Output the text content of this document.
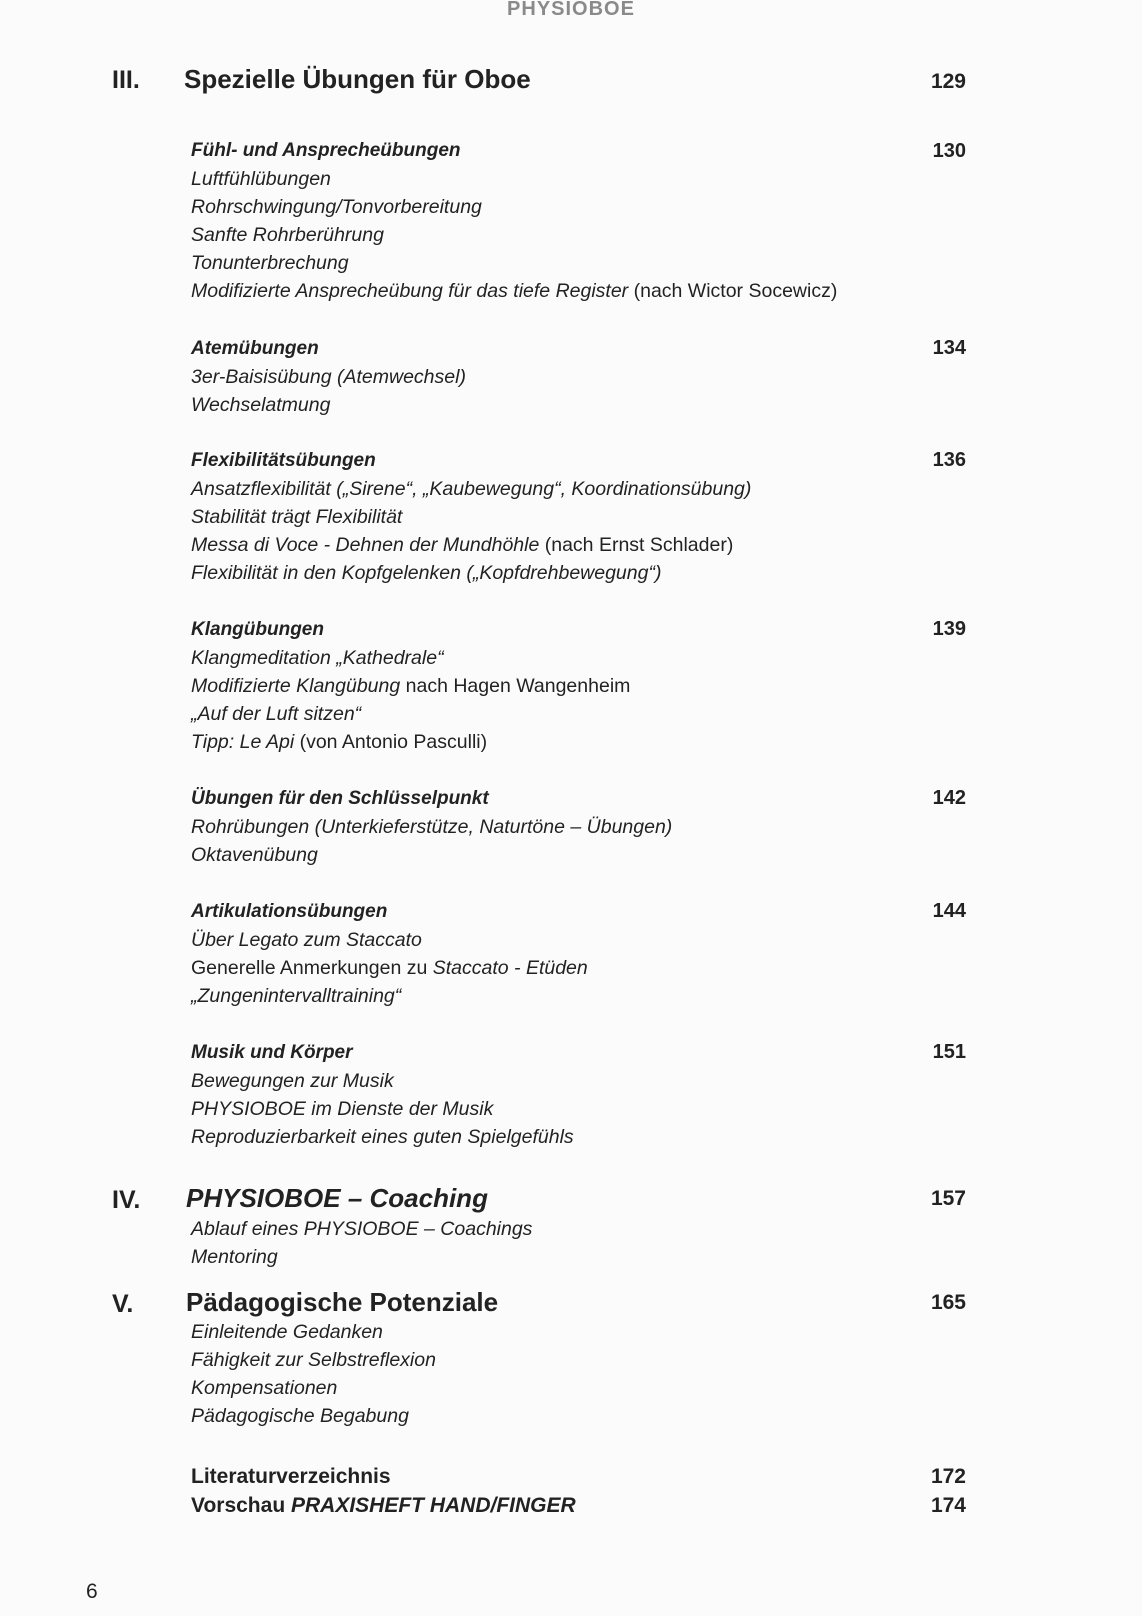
PHYSIOBOE
III. Spezielle Übungen für Oboe	129
Fühl- und Ansprecheübungen	130
Luftfühlübungen
Rohrschwingung/Tonvorbereitung
Sanfte Rohrberührung
Tonunterbrechung
Modifizierte Ansprecheübung für das tiefe Register (nach Wictor Socewicz)
Atemübungen	134
3er-Baisisübung (Atemwechsel)
Wechselatmung
Flexibilitätsübungen	136
Ansatzflexibilität („Sirene“, „Kaubewegung“, Koordinationsübung)
Stabilität trägt Flexibilität
Messa di Voce - Dehnen der Mundhöhle (nach Ernst Schlader)
Flexibilität in den Kopfgelenken („Kopfdrehbewegung“)
Klangübungen	139
Klangmeditation „Kathedrale“
Modifizierte Klangübung nach Hagen Wangenheim
„Auf der Luft sitzen“
Tipp: Le Api (von Antonio Pasculli)
Übungen für den Schlüsselpunkt	142
Rohrübungen (Unterkieferstütze, Naturtöne – Übungen)
Oktavenübung
Artikulationsübungen	144
Über Legato zum Staccato
Generelle Anmerkungen zu Staccato - Etüden
„Zungenintervalltraining“
Musik und Körper	151
Bewegungen zur Musik
PHYSIOBOE im Dienste der Musik
Reproduzierbarkeit eines guten Spielgefühls
IV. PHYSIOBOE – Coaching	157
Ablauf eines PHYSIOBOE – Coachings
Mentoring
V. Pädagogische Potenziale	165
Einleitende Gedanken
Fähigkeit zur Selbstreflexion
Kompensationen
Pädagogische Begabung
Literaturverzeichnis	172
Vorschau PRAXISHEFT HAND/FINGER	174
6
